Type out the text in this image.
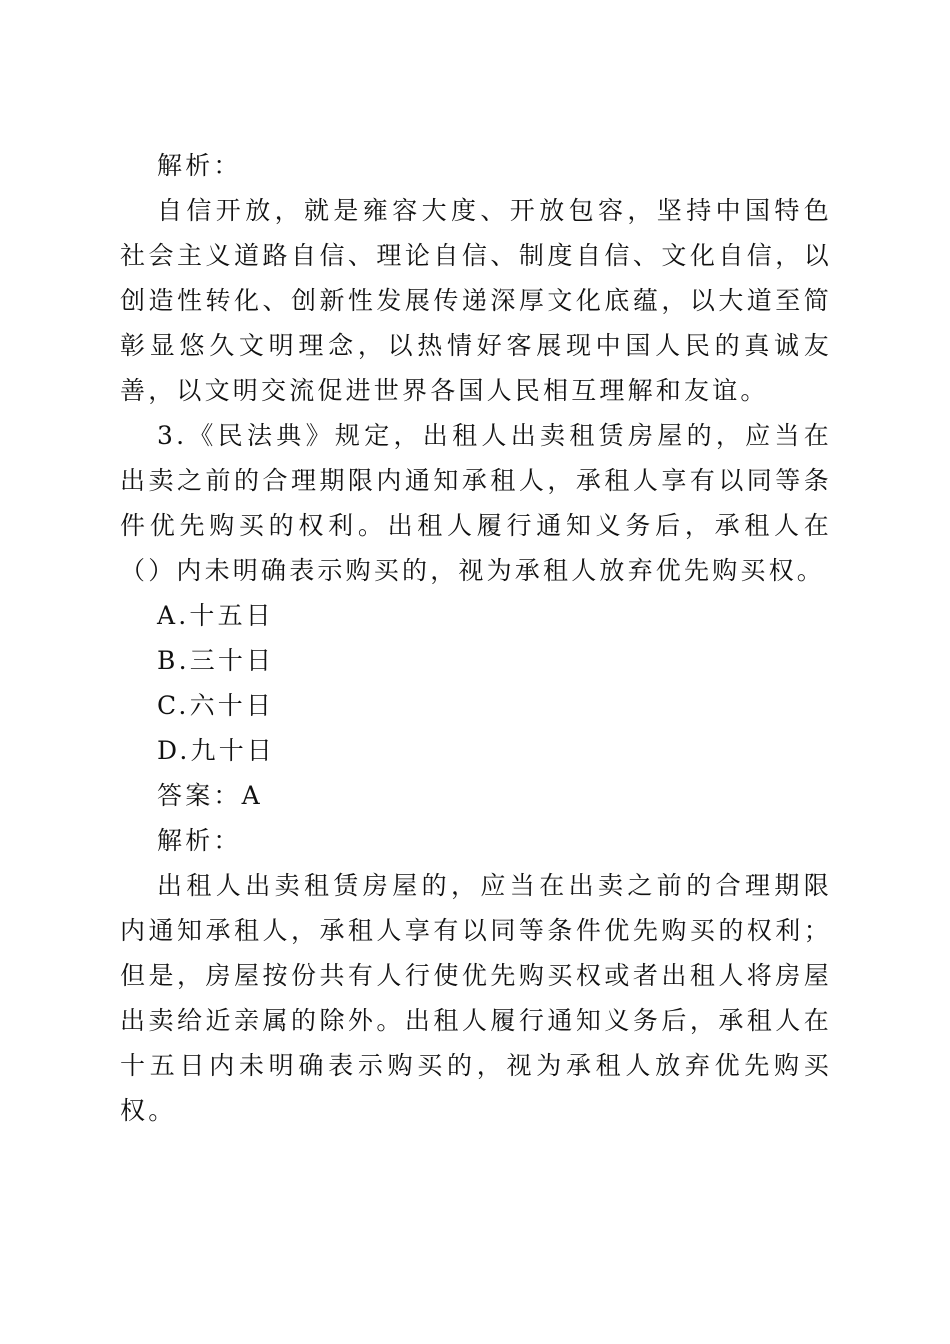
解析：

自信开放，就是雍容大度、开放包容，坚持中国特色社会主义道路自信、理论自信、制度自信、文化自信，以创造性转化、创新性发展传递深厚文化底蕴，以大道至简彰显悠久文明理念，以热情好客展现中国人民的真诚友善，以文明交流促进世界各国人民相互理解和友谊。

3.《民法典》规定，出租人出卖租赁房屋的，应当在出卖之前的合理期限内通知承租人，承租人享有以同等条件优先购买的权利。出租人履行通知义务后，承租人在（）内未明确表示购买的，视为承租人放弃优先购买权。

A.十五日

B.三十日

C.六十日

D.九十日

答案：A

解析：

出租人出卖租赁房屋的，应当在出卖之前的合理期限内通知承租人，承租人享有以同等条件优先购买的权利；但是，房屋按份共有人行使优先购买权或者出租人将房屋出卖给近亲属的除外。出租人履行通知义务后，承租人在十五日内未明确表示购买的，视为承租人放弃优先购买权。
